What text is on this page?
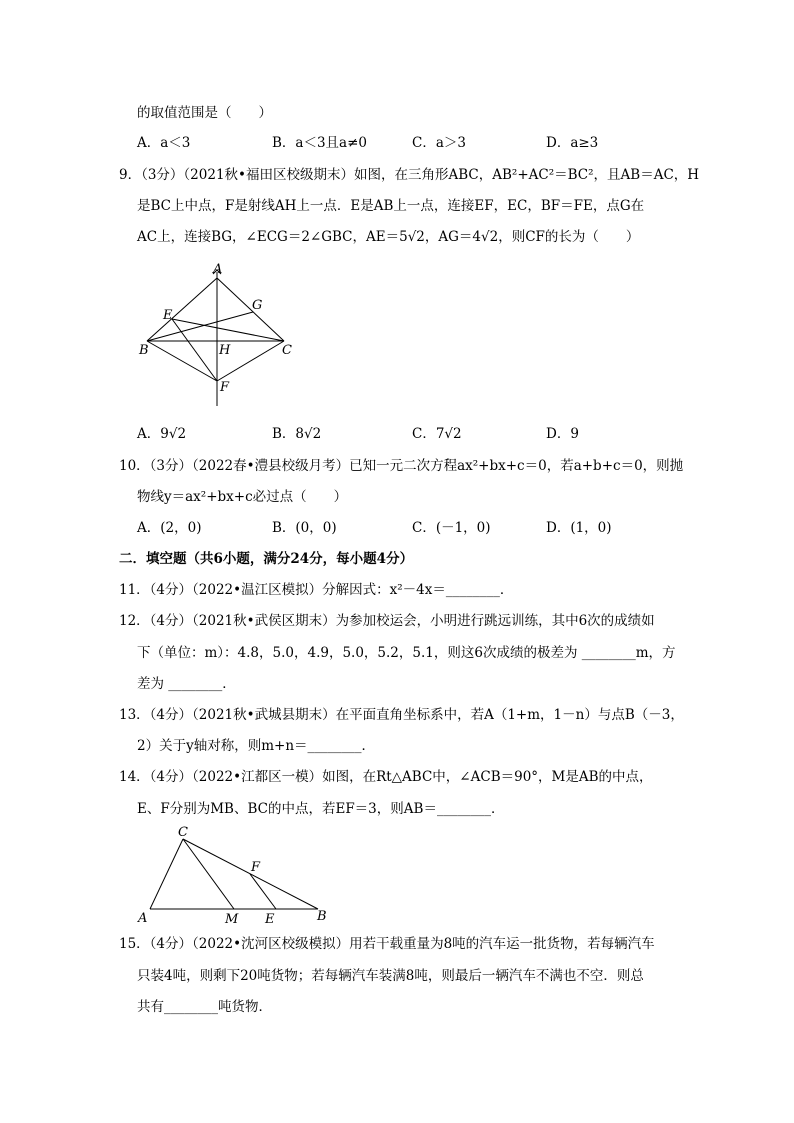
的取值范围是（　　）
A．a＜3	B．a＜3且a≠0	C．a＞3	D．a≥3
9．（3分）（2021秋•福田区校级期末）如图，在三角形ABC，AB²+AC²＝BC²，且AB＝AC，H
是BC上中点，F是射线AH上一点．E是AB上一点，连接EF，EC，BF＝FE，点G在
AC上，连接BG，∠ECG＝2∠GBC，AE＝5√2，AG＝4√2，则CF的长为（　　）
A
G
E
B	H	C
F
A．9√2	B．8√2	C．7√2	D．9
10．（3分）（2022春•澧县校级月考）已知一元二次方程ax²+bx+c＝0，若a+b+c＝0，则抛
物线y＝ax²+bx+c必过点（　　）
A．(2，0)	B．(0，0)	C．(－1，0)	D．(1，0)
二．填空题（共6小题，满分24分，每小题4分）
11．（4分）（2022•温江区模拟）分解因式：x²－4x＝________．
12．（4分）（2021秋•武侯区期末）为参加校运会，小明进行跳远训练，其中6次的成绩如
下（单位：m）：4.8，5.0，4.9，5.0，5.2，5.1，则这6次成绩的极差为 ________m，方
差为 ________．
13．（4分）（2021秋•武城县期末）在平面直角坐标系中，若A（1+m，1－n）与点B（－3，
2）关于y轴对称，则m+n＝________．
14．（4分）（2022•江都区一模）如图，在Rt△ABC中，∠ACB＝90°，M是AB的中点，
E、F分别为MB、BC的中点，若EF＝3，则AB＝________．
C
F
A	M E	B
15．（4分）（2022•沈河区校级模拟）用若干载重量为8吨的汽车运一批货物，若每辆汽车
只装4吨，则剩下20吨货物；若每辆汽车装满8吨，则最后一辆汽车不满也不空．则总
共有________吨货物．
